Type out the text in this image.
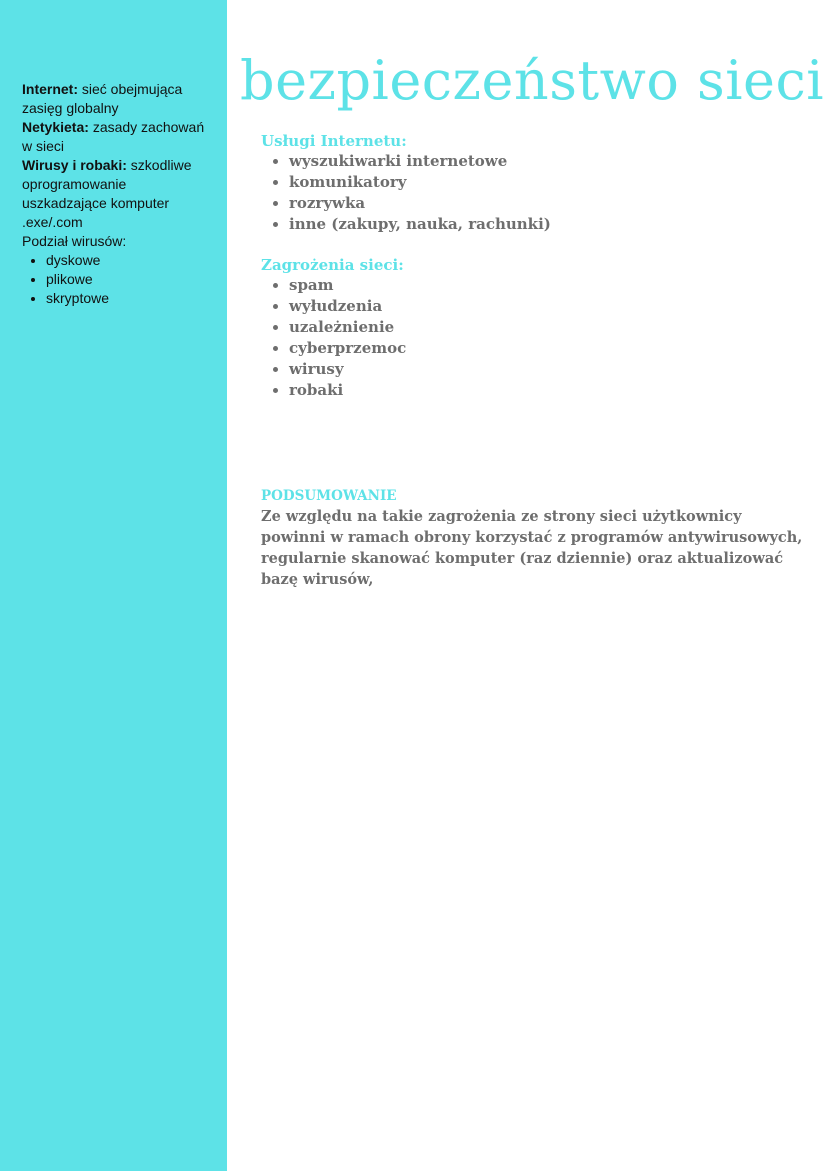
Internet: sieć obejmująca zasięg globalny

Netykieta: zasady zachowań w sieci

Wirusy i robaki: szkodliwe oprogramowanie uszkadzające komputer

.exe/.com

Podział wirusów:

• dyskowe
• plikowe
• skryptowe
bezpieczeństwo sieci
Usługi Internetu:
• wyszukiwarki internetowe
• komunikatory
• rozrywka
• inne (zakupy, nauka, rachunki)
Zagrożenia sieci:
• spam
• wyłudzenia
• uzależnienie
• cyberprzemoc
• wirusy
• robaki
PODSUMOWANIE

Ze względu na takie zagrożenia ze strony sieci użytkownicy powinni w ramach obrony korzystać z programów antywirusowych, regularnie skanować komputer (raz dziennie) oraz aktualizować bazę wirusów,
